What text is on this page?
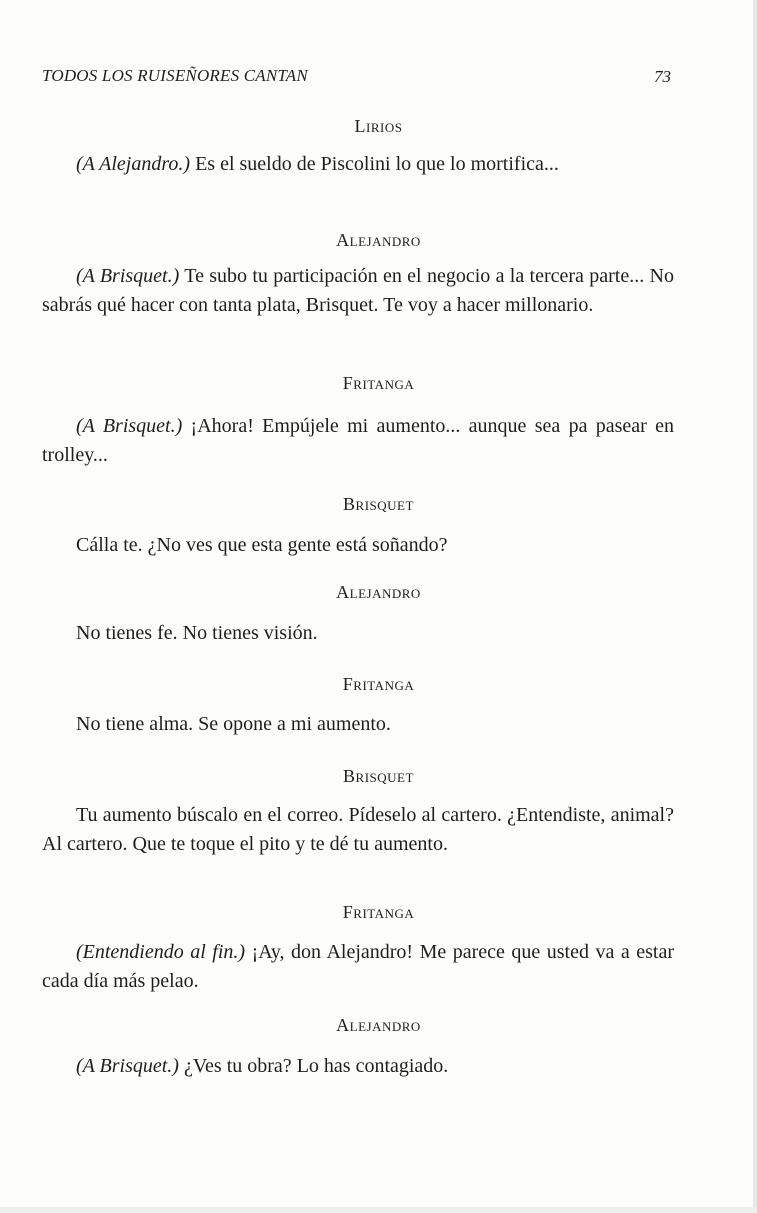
TODOS LOS RUISEÑORES CANTAN	73
Lirios

(A Alejandro.) Es el sueldo de Piscolini lo que lo mortifica...

Alejandro

(A Brisquet.) Te subo tu participación en el negocio a la tercera parte... No sabrás qué hacer con tanta plata, Brisquet. Te voy a hacer millonario.

Fritanga

(A Brisquet.) ¡Ahora! Empújele mi aumento... aunque sea pa pasear en trolley...

Brisquet

Cálla te. ¿No ves que esta gente está soñando?

Alejandro

No tienes fe. No tienes visión.

Fritanga

No tiene alma. Se opone a mi aumento.

Brisquet

Tu aumento búscalo en el correo. Pídeselo al cartero. ¿Entendiste, animal? Al cartero. Que te toque el pito y te dé tu aumento.

Fritanga

(Entendiendo al fin.) ¡Ay, don Alejandro! Me parece que usted va a estar cada día más pelao.

Alejandro

(A Brisquet.) ¿Ves tu obra? Lo has contagiado.
